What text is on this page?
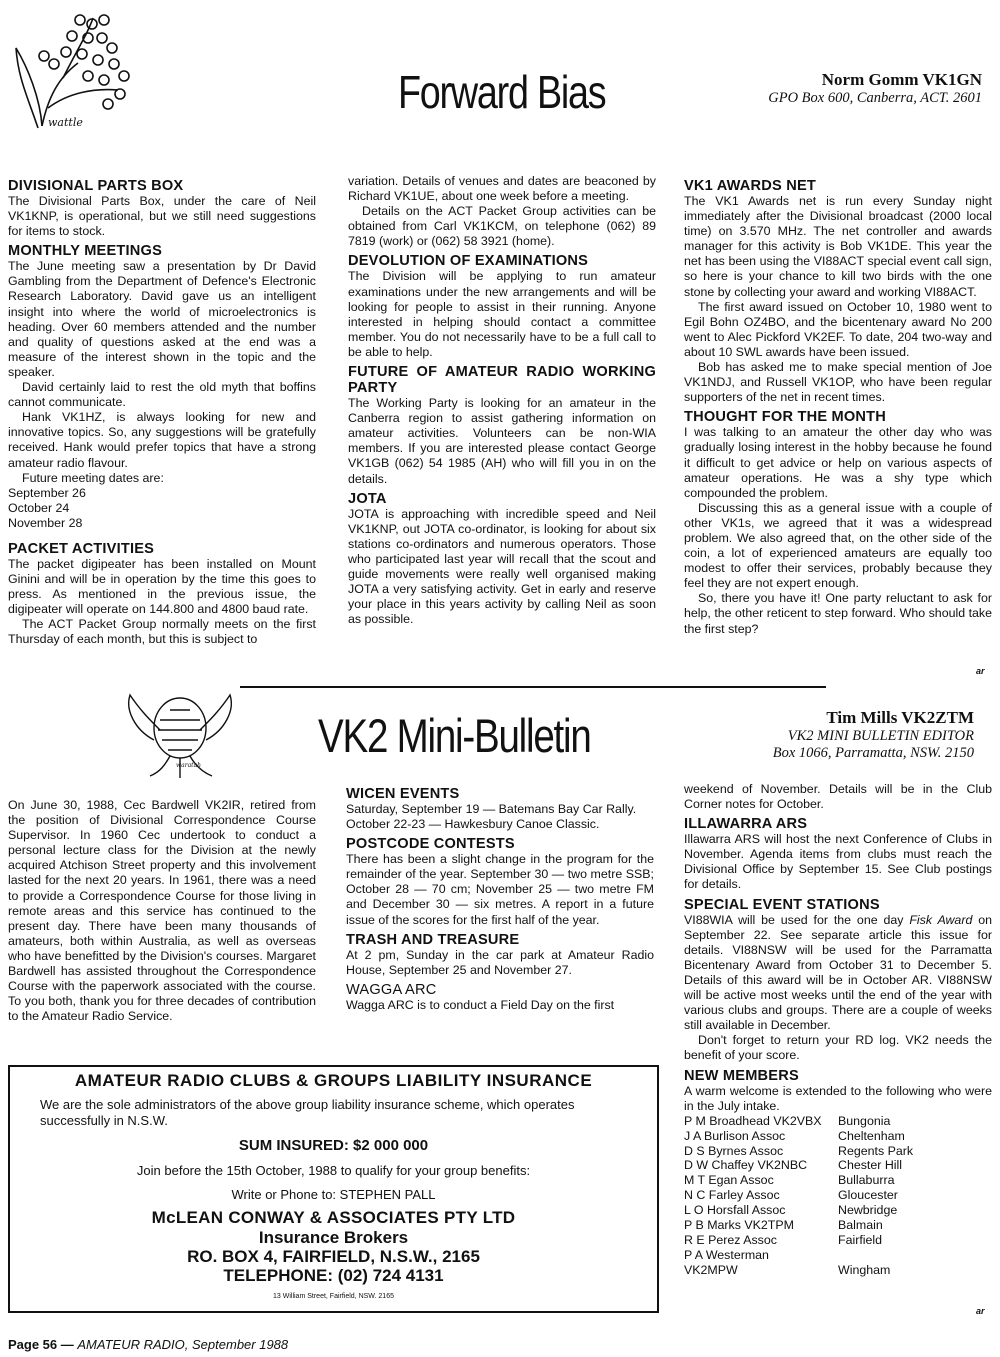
wattle
Forward Bias	Norm Gomm VK1GN
GPO Box 600, Canberra, ACT. 2601
DIVISIONAL PARTS BOX

The Divisional Parts Box, under the care of Neil VK1KNP, is operational, but we still need suggestions for items to stock.

MONTHLY MEETINGS

The June meeting saw a presentation by Dr David Gambling from the Department of Defence's Electronic Research Laboratory. David gave us an intelligent insight into where the world of microelectronics is heading. Over 60 members attended and the number and quality of questions asked at the end was a measure of the interest shown in the topic and the speaker.

David certainly laid to rest the old myth that boffins cannot communicate.

Hank VK1HZ, is always looking for new and innovative topics. So, any suggestions will be gratefully received. Hank would prefer topics that have a strong amateur radio flavour.

Future meeting dates are:

September 26
October 24
November 28
PACKET ACTIVITIES

The packet digipeater has been installed on Mount Ginini and will be in operation by the time this goes to press. As mentioned in the previous issue, the digipeater will operate on 144.800 and 4800 baud rate.

The ACT Packet Group normally meets on the first Thursday of each month, but this is subject to

variation. Details of venues and dates are beaconed by Richard VK1UE, about one week before a meeting.

Details on the ACT Packet Group activities can be obtained from Carl VK1KCM, on telephone (062) 89 7819 (work) or (062) 58 3921 (home).

DEVOLUTION OF EXAMINATIONS

The Division will be applying to run amateur examinations under the new arrangements and will be looking for people to assist in their running. Anyone interested in helping should contact a committee member. You do not necessarily have to be a full call to be able to help.

FUTURE OF AMATEUR RADIO WORKING PARTY

The Working Party is looking for an amateur in the Canberra region to assist gathering information on amateur activities. Volunteers can be non-WIA members. If you are interested please contact George VK1GB (062) 54 1985 (AH) who will fill you in on the details.

JOTA

JOTA is approaching with incredible speed and Neil VK1KNP, out JOTA co-ordinator, is looking for about six stations co-ordinators and numerous operators. Those who participated last year will recall that the scout and guide movements were really well organised making JOTA a very satisfying activity. Get in early and reserve your place in this years activity by calling Neil as soon as possible.

VK1 AWARDS NET

The VK1 Awards net is run every Sunday night immediately after the Divisional broadcast (2000 local time) on 3.570 MHz. The net controller and awards manager for this activity is Bob VK1DE. This year the net has been using the VI88ACT special event call sign, so here is your chance to kill two birds with the one stone by collecting your award and working VI88ACT.

The first award issued on October 10, 1980 went to Egil Bohn OZ4BO, and the bicentenary award No 200 went to Alec Pickford VK2EF. To date, 204 two-way and about 10 SWL awards have been issued.

Bob has asked me to make special mention of Joe VK1NDJ, and Russell VK1OP, who have been regular supporters of the net in recent times.

THOUGHT FOR THE MONTH

I was talking to an amateur the other day who was gradually losing interest in the hobby because he found it difficult to get advice or help on various aspects of amateur operations. He was a shy type which compounded the problem.

Discussing this as a general issue with a couple of other VK1s, we agreed that it was a widespread problem. We also agreed that, on the other side of the coin, a lot of experienced amateurs are equally too modest to offer their services, probably because they feel they are not expert enough.

So, there you have it! One party reluctant to ask for help, the other reticent to step forward. Who should take the first step?

ar
waratah
VK2 Mini-Bulletin	Tim Mills VK2ZTM
VK2 MINI BULLETIN EDITOR
Box 1066, Parramatta, NSW. 2150

On June 30, 1988, Cec Bardwell VK2IR, retired from the position of Divisional Correspondence Course Supervisor. In 1960 Cec undertook to conduct a personal lecture class for the Division at the newly acquired Atchison Street property and this involvement lasted for the next 20 years. In 1961, there was a need to provide a Correspondence Course for those living in remote areas and this service has continued to the present day. There have been many thousands of amateurs, both within Australia, as well as overseas who have benefitted by the Division's courses. Margaret Bardwell has assisted throughout the Correspondence Course with the paperwork associated with the course. To you both, thank you for three decades of contribution to the Amateur Radio Service.

WICEN EVENTS

Saturday, September 19 — Batemans Bay Car Rally.

October 22-23 — Hawkesbury Canoe Classic.

POSTCODE CONTESTS

There has been a slight change in the program for the remainder of the year. September 30 — two metre SSB; October 28 — 70 cm; November 25 — two metre FM and December 30 — six metres. A report in a future issue of the scores for the first half of the year.

TRASH AND TREASURE

At 2 pm, Sunday in the car park at Amateur Radio House, September 25 and November 27.

WAGGA ARC

Wagga ARC is to conduct a Field Day on the first

weekend of November. Details will be in the Club Corner notes for October.

ILLAWARRA ARS

Illawarra ARS will host the next Conference of Clubs in November. Agenda items from clubs must reach the Divisional Office by September 15. See Club postings for details.

SPECIAL EVENT STATIONS

VI88WIA will be used for the one day Fisk Award on September 22. See separate article this issue for details. VI88NSW will be used for the Parramatta Bicentenary Award from October 31 to December 5. Details of this award will be in October AR. VI88NSW will be active most weeks until the end of the year with various clubs and groups. There are a couple of weeks still available in December.

Don't forget to return your RD log. VK2 needs the benefit of your score.

NEW MEMBERS

A warm welcome is extended to the following who were in the July intake.

P M Broadhead VK2VBX	Bungonia
J A Burlison Assoc	Cheltenham
D S Byrnes Assoc	Regents Park
D W Chaffey VK2NBC	Chester Hill
M T Egan Assoc	Bullaburra
N C Farley Assoc	Gloucester
L O Horsfall Assoc	Newbridge
P B Marks VK2TPM	Balmain
R E Perez Assoc	Fairfield
P A Westerman
VK2MPW	Wingham
ar
AMATEUR RADIO CLUBS & GROUPS LIABILITY INSURANCE
We are the sole administrators of the above group liability insurance scheme, which operates successfully in N.S.W.
SUM INSURED: $2 000 000
Join before the 15th October, 1988 to qualify for your group benefits:
Write or Phone to: STEPHEN PALL
McLEAN CONWAY & ASSOCIATES PTY LTD
Insurance Brokers
RO. BOX 4, FAIRFIELD, N.S.W., 2165
TELEPHONE: (02) 724 4131
13 William Street, Fairfield, NSW. 2165
Page 56 — AMATEUR RADIO, September 1988
